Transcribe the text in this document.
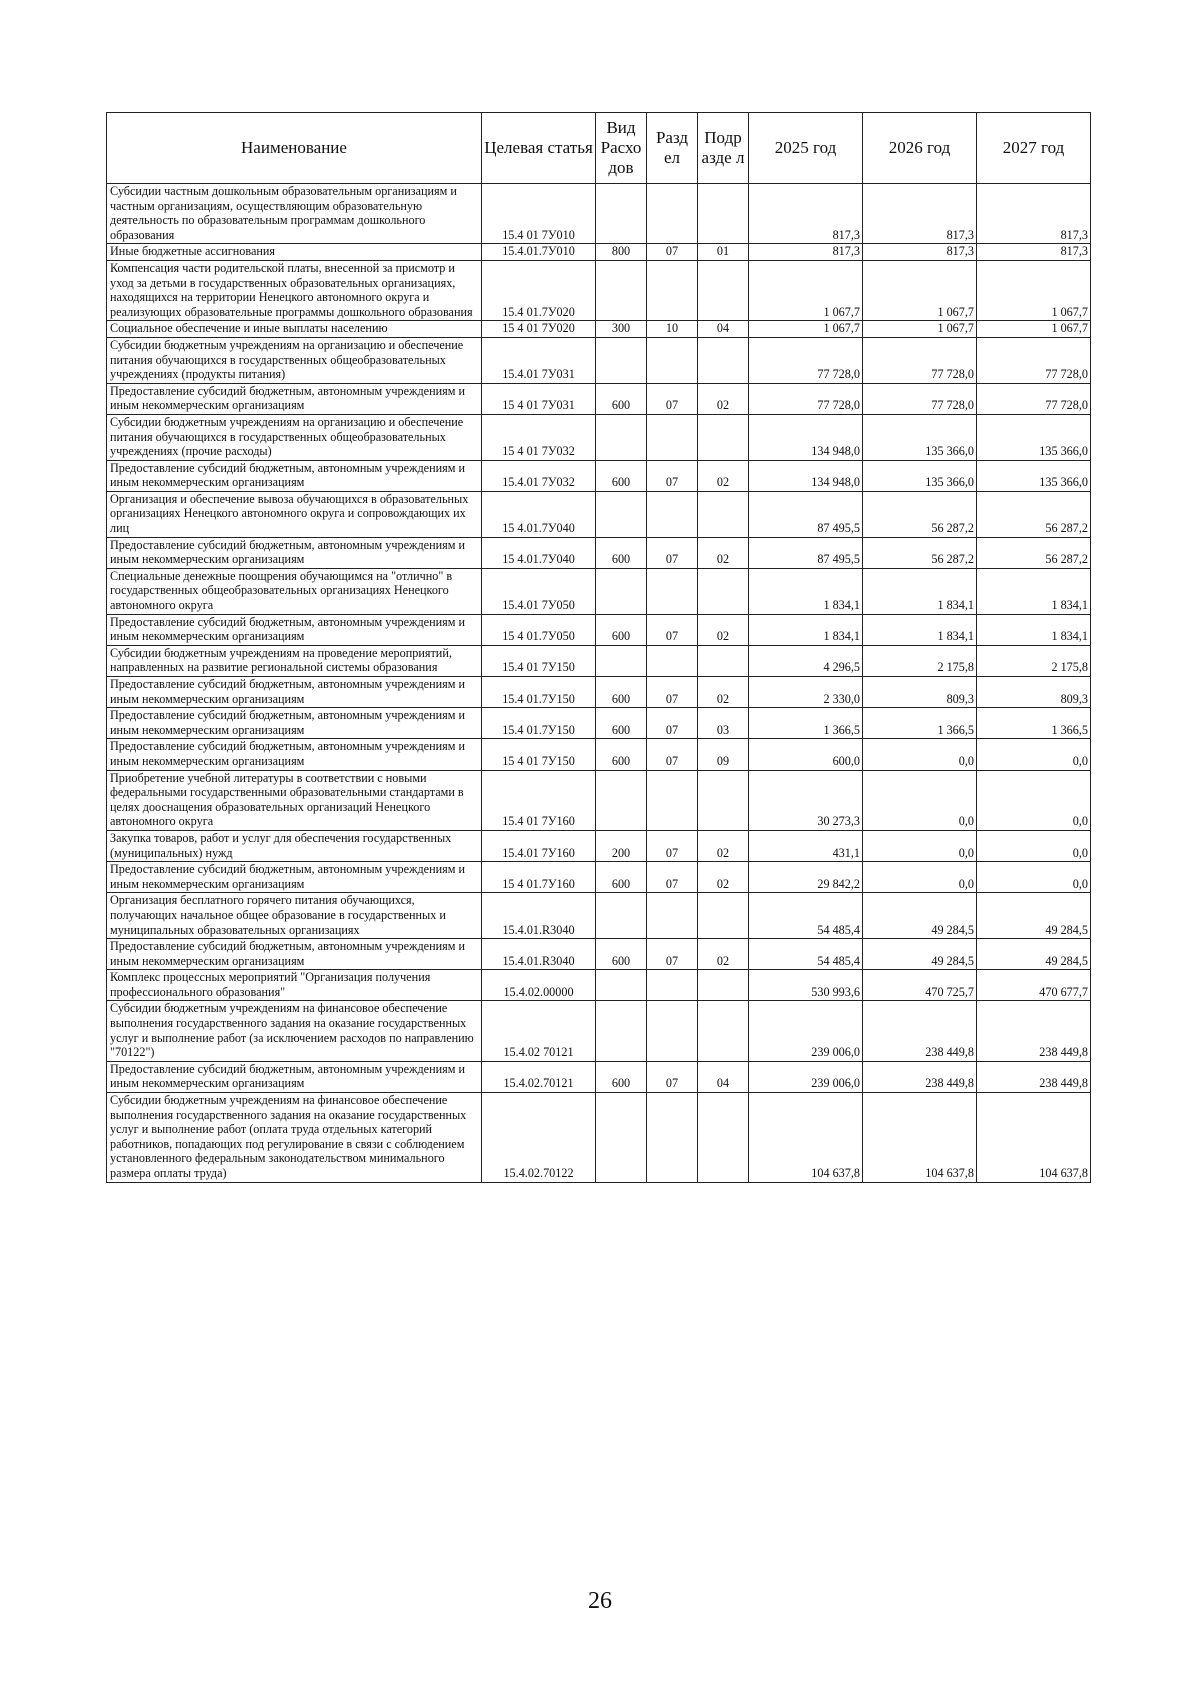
Наименование	Целевая статья	Вид Расхо дов	Разд ел	Подр азде л	2025 год	2026 год	2027 год
Субсидии частным дошкольным образовательным организациям и частным организациям, осуществляющим образовательную деятельность по образовательным программам дошкольного образования	15.4 01 7У010				817,3	817,3	817,3
Иные бюджетные ассигнования	15.4.01.7У010	800	07	01	817,3	817,3	817,3
Компенсация части родительской платы, внесенной за присмотр и уход за детьми в государственных образовательных организациях, находящихся на территории Ненецкого автономного округа и реализующих образовательные программы дошкольного образования	15.4 01.7У020				1 067,7	1 067,7	1 067,7
Социальное обеспечение и иные выплаты населению	15 4 01 7У020	300	10	04	1 067,7	1 067,7	1 067,7
Субсидии бюджетным учреждениям на организацию и обеспечение питания обучающихся в государственных общеобразовательных учреждениях (продукты питания)	15.4.01 7У031				77 728,0	77 728,0	77 728,0
Предоставление субсидий бюджетным, автономным учреждениям и иным некоммерческим организациям	15 4 01 7У031	600	07	02	77 728,0	77 728,0	77 728,0
Субсидии бюджетным учреждениям на организацию и обеспечение питания обучающихся в государственных общеобразовательных учреждениях (прочие расходы)	15 4 01 7У032				134 948,0	135 366,0	135 366,0
Предоставление субсидий бюджетным, автономным учреждениям и иным некоммерческим организациям	15.4.01 7У032	600	07	02	134 948,0	135 366,0	135 366,0
Организация и обеспечение вывоза обучающихся в образовательных организациях Ненецкого автономного округа и сопровождающих их лиц	15 4.01.7У040				87 495,5	56 287,2	56 287,2
Предоставление субсидий бюджетным, автономным учреждениям и иным некоммерческим организациям	15 4.01.7У040	600	07	02	87 495,5	56 287,2	56 287,2
Специальные денежные поощрения обучающимся на "отлично" в государственных общеобразовательных организациях Ненецкого автономного округа	15.4.01 7У050				1 834,1	1 834,1	1 834,1
Предоставление субсидий бюджетным, автономным учреждениям и иным некоммерческим организациям	15 4 01.7У050	600	07	02	1 834,1	1 834,1	1 834,1
Субсидии бюджетным учреждениям на проведение мероприятий, направленных на развитие региональной системы образования	15.4 01 7У150				4 296,5	2 175,8	2 175,8
Предоставление субсидий бюджетным, автономным учреждениям и иным некоммерческим организациям	15.4 01.7У150	600	07	02	2 330,0	809,3	809,3
Предоставление субсидий бюджетным, автономным учреждениям и иным некоммерческим организациям	15.4 01.7У150	600	07	03	1 366,5	1 366,5	1 366,5
Предоставление субсидий бюджетным, автономным учреждениям и иным некоммерческим организациям	15 4 01 7У150	600	07	09	600,0	0,0	0,0
Приобретение учебной литературы в соответствии с новыми федеральными государственными образовательными стандартами в целях дооснащения образовательных организаций Ненецкого автономного округа	15.4 01 7У160				30 273,3	0,0	0,0
Закупка товаров, работ и услуг для обеспечения государственных (муниципальных) нужд	15.4.01 7У160	200	07	02	431,1	0,0	0,0
Предоставление субсидий бюджетным, автономным учреждениям и иным некоммерческим организациям	15 4 01.7У160	600	07	02	29 842,2	0,0	0,0
Организация бесплатного горячего питания обучающихся, получающих начальное общее образование в государственных и муниципальных образовательных организациях	15.4.01.R3040				54 485,4	49 284,5	49 284,5
Предоставление субсидий бюджетным, автономным учреждениям и иным некоммерческим организациям	15.4.01.R3040	600	07	02	54 485,4	49 284,5	49 284,5
Комплекс процессных мероприятий "Организация получения профессионального образования"	15.4.02.00000				530 993,6	470 725,7	470 677,7
Субсидии бюджетным учреждениям на финансовое обеспечение выполнения государственного задания на оказание государственных услуг и выполнение работ (за исключением расходов по направлению "70122")	15.4.02 70121				239 006,0	238 449,8	238 449,8
Предоставление субсидий бюджетным, автономным учреждениям и иным некоммерческим организациям	15.4.02.70121	600	07	04	239 006,0	238 449,8	238 449,8
Субсидии бюджетным учреждениям на финансовое обеспечение выполнения государственного задания на оказание государственных услуг и выполнение работ (оплата труда отдельных категорий работников, попадающих под регулирование в связи с соблюдением установленного федеральным законодательством минимального размера оплаты труда)	15.4.02.70122				104 637,8	104 637,8	104 637,8
26
